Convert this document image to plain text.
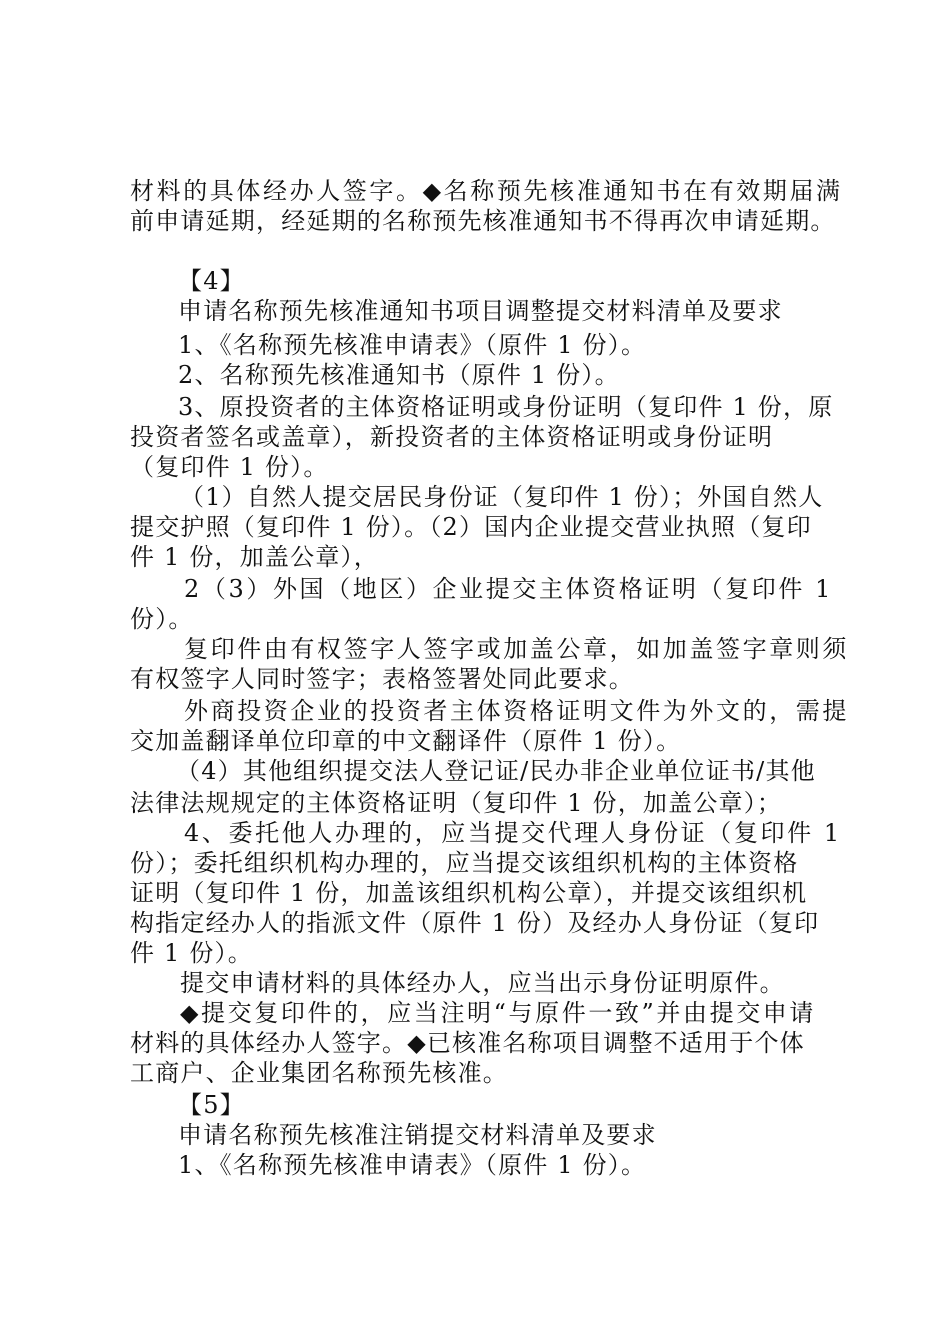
材料的具体经办人签字。◆名称预先核准通知书在有效期届满
前申请延期，经延期的名称预先核准通知书不得再次申请延期。
【4】
申请名称预先核准通知书项目调整提交材料清单及要求
1、《名称预先核准申请表》（原件 1 份）。
2、名称预先核准通知书（原件 1 份）。
3、原投资者的主体资格证明或身份证明（复印件 1 份，原
投资者签名或盖章），新投资者的主体资格证明或身份证明
（复印件 1 份）。
（1）自然人提交居民身份证（复印件 1 份）；外国自然人
提交护照（复印件 1 份）。（2）国内企业提交营业执照（复印
件 1 份，加盖公章），
2（3）外国（地区）企业提交主体资格证明（复印件 1
份）。
复印件由有权签字人签字或加盖公章，如加盖签字章则须
有权签字人同时签字；表格签署处同此要求。
外商投资企业的投资者主体资格证明文件为外文的，需提
交加盖翻译单位印章的中文翻译件（原件 1 份）。
（4）其他组织提交法人登记证/民办非企业单位证书/其他
法律法规规定的主体资格证明（复印件 1 份，加盖公章）；
4、委托他人办理的，应当提交代理人身份证（复印件 1
份）；委托组织机构办理的，应当提交该组织机构的主体资格
证明（复印件 1 份，加盖该组织机构公章），并提交该组织机
构指定经办人的指派文件（原件 1 份）及经办人身份证（复印
件 1 份）。
提交申请材料的具体经办人，应当出示身份证明原件。
◆提交复印件的，应当注明“与原件一致”并由提交申请
材料的具体经办人签字。◆已核准名称项目调整不适用于个体
工商户、企业集团名称预先核准。
【5】
申请名称预先核准注销提交材料清单及要求
1、《名称预先核准申请表》（原件 1 份）。
